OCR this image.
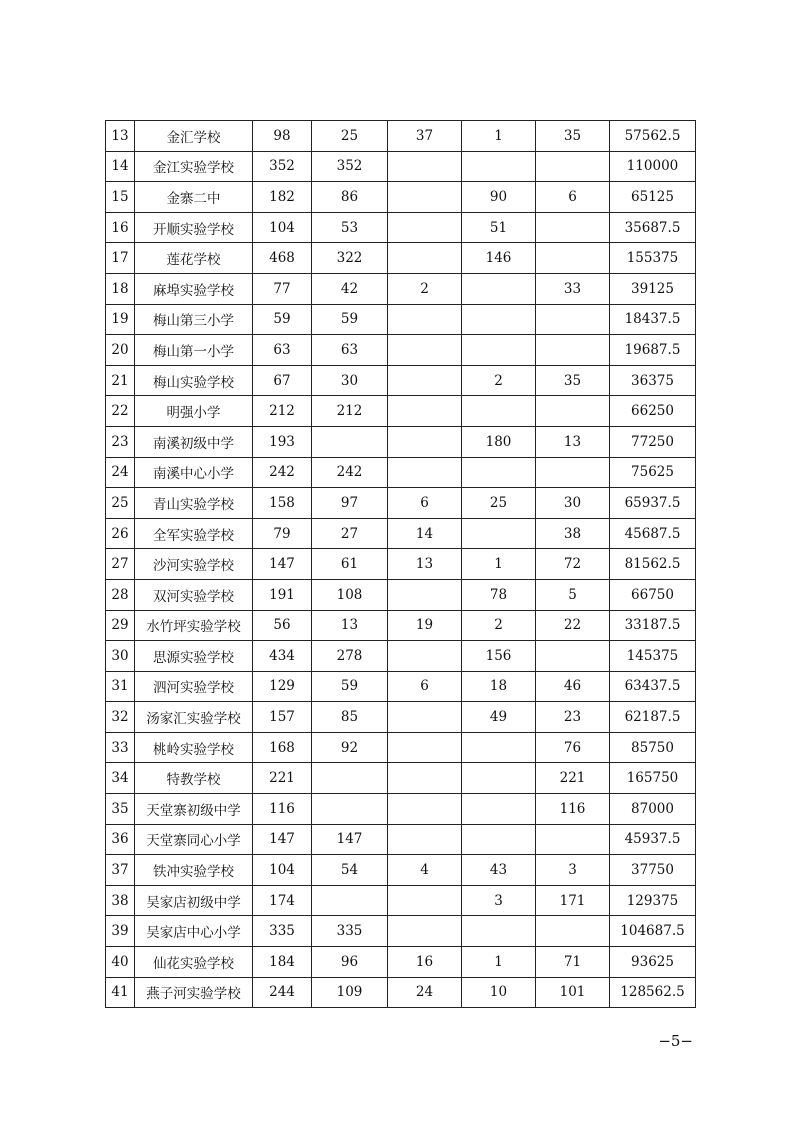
13	金汇学校	98	25	37	1	35	57562.5
14	金江实验学校	352	352				110000
15	金寨二中	182	86		90	6	65125
16	开顺实验学校	104	53		51		35687.5
17	莲花学校	468	322		146		155375
18	麻埠实验学校	77	42	2		33	39125
19	梅山第三小学	59	59				18437.5
20	梅山第一小学	63	63				19687.5
21	梅山实验学校	67	30		2	35	36375
22	明强小学	212	212				66250
23	南溪初级中学	193			180	13	77250
24	南溪中心小学	242	242				75625
25	青山实验学校	158	97	6	25	30	65937.5
26	全军实验学校	79	27	14		38	45687.5
27	沙河实验学校	147	61	13	1	72	81562.5
28	双河实验学校	191	108		78	5	66750
29	水竹坪实验学校	56	13	19	2	22	33187.5
30	思源实验学校	434	278		156		145375
31	泗河实验学校	129	59	6	18	46	63437.5
32	汤家汇实验学校	157	85		49	23	62187.5
33	桃岭实验学校	168	92			76	85750
34	特教学校	221				221	165750
35	天堂寨初级中学	116				116	87000
36	天堂寨同心小学	147	147				45937.5
37	铁冲实验学校	104	54	4	43	3	37750
38	吴家店初级中学	174			3	171	129375
39	吴家店中心小学	335	335				104687.5
40	仙花实验学校	184	96	16	1	71	93625
41	燕子河实验学校	244	109	24	10	101	128562.5
−5−
